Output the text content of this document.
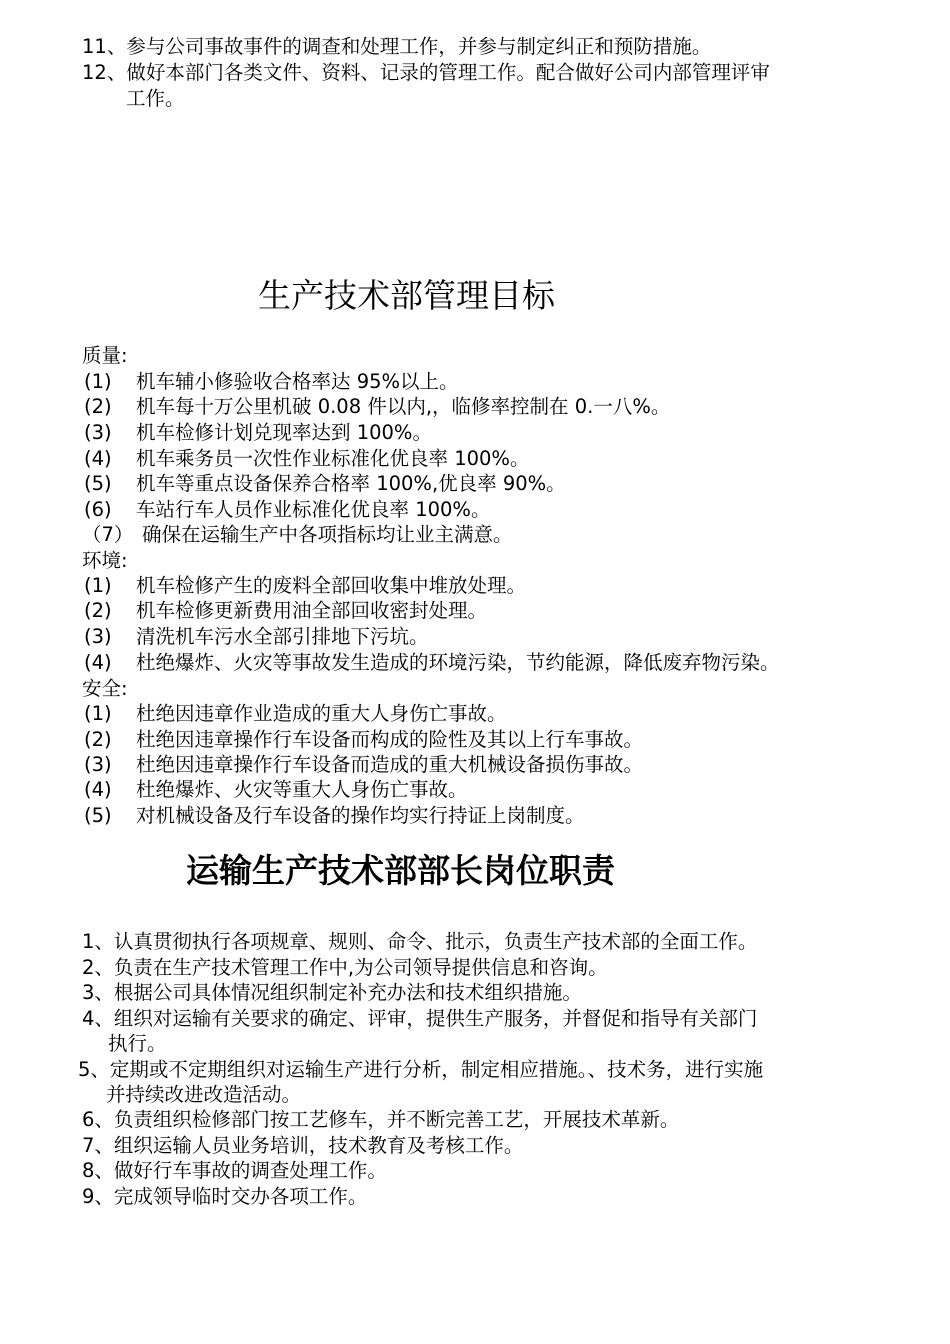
11、参与公司事故事件的调查和处理工作，并参与制定纠正和预防措施。
12、做好本部门各类文件、资料、记录的管理工作。配合做好公司内部管理评审
工作。
生产技术部管理目标
质量:
(1) 机车辅小修验收合格率达 95%以上。
(2) 机车每十万公里机破 0.08 件以内,，临修率控制在 0.一八%。
(3) 机车检修计划兑现率达到 100%。
(4) 机车乘务员一次性作业标准化优良率 100%。
(5) 机车等重点设备保养合格率 100%,优良率 90%。
(6) 车站行车人员作业标准化优良率 100%。
（7） 确保在运输生产中各项指标均让业主满意。
环境:
(1) 机车检修产生的废料全部回收集中堆放处理。
(2) 机车检修更新费用油全部回收密封处理。
(3) 清洗机车污水全部引排地下污坑。
(4) 杜绝爆炸、火灾等事故发生造成的环境污染，节约能源，降低废弃物污染。
安全:
(1) 杜绝因违章作业造成的重大人身伤亡事故。
(2) 杜绝因违章操作行车设备而构成的险性及其以上行车事故。
(3) 杜绝因违章操作行车设备而造成的重大机械设备损伤事故。
(4) 杜绝爆炸、火灾等重大人身伤亡事故。
(5) 对机械设备及行车设备的操作均实行持证上岗制度。
运输生产技术部部长岗位职责
1、认真贯彻执行各项规章、规则、命令、批示，负责生产技术部的全面工作。
2、负责在生产技术管理工作中,为公司领导提供信息和咨询。
3、根据公司具体情况组织制定补充办法和技术组织措施。
4、组织对运输有关要求的确定、评审，提供生产服务，并督促和指导有关部门
执行。
5、定期或不定期组织对运输生产进行分析，制定相应措施。、技术务，进行实施
并持续改进改造活动。
6、负责组织检修部门按工艺修车，并不断完善工艺，开展技术革新。
7、组织运输人员业务培训，技术教育及考核工作。
8、做好行车事故的调查处理工作。
9、完成领导临时交办各项工作。
